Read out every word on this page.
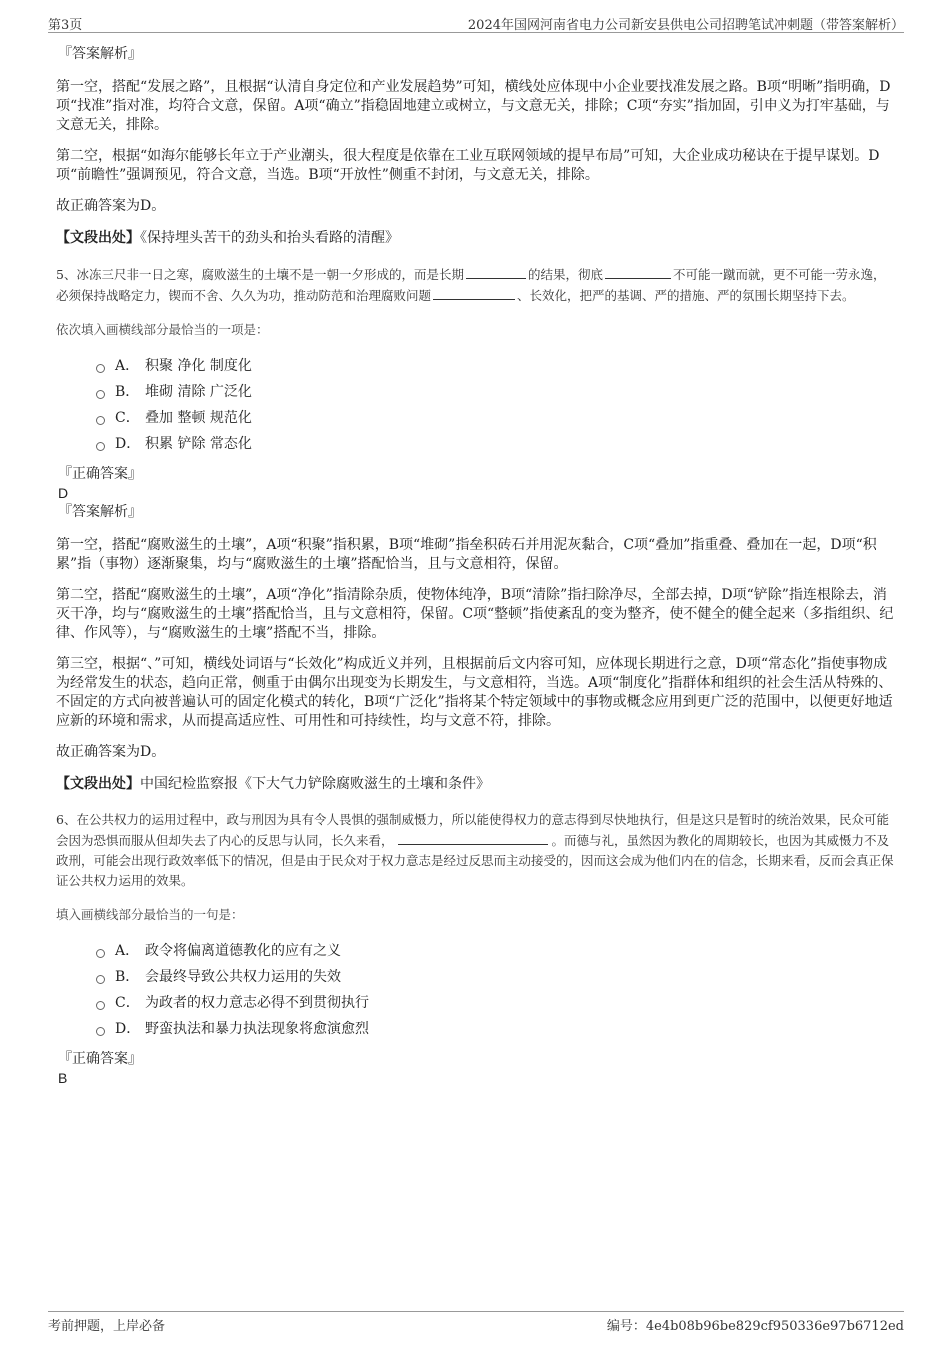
第3页	2024年国网河南省电力公司新安县供电公司招聘笔试冲刺题（带答案解析）
『答案解析』

第一空，搭配“发展之路”，且根据“认清自身定位和产业发展趋势”可知，横线处应体现中小企业要找准发展之路。B项“明晰”指明确，D项“找准”指对准，均符合文意，保留。A项“确立”指稳固地建立或树立，与文意无关，排除；C项“夯实”指加固，引申义为打牢基础，与文意无关，排除。

第二空，根据“如海尔能够长年立于产业潮头，很大程度是依靠在工业互联网领域的提早布局”可知，大企业成功秘诀在于提早谋划。D项“前瞻性”强调预见，符合文意，当选。B项“开放性”侧重不封闭，与文意无关，排除。

故正确答案为D。

【文段出处】《保持埋头苦干的劲头和抬头看路的清醒》
5、冰冻三尺非一日之寒，腐败滋生的土壤不是一朝一夕形成的，而是长期	的结果，彻底	不可能一蹴而就，更不可能一劳永逸，必须保持战略定力，锲而不舍、久久为功，推动防范和治理腐败问题	、长效化，把严的基调、严的措施、严的氛围长期坚持下去。
依次填入画横线部分最恰当的一项是：
A． 积聚 净化 制度化
B． 堆砌 清除 广泛化
C． 叠加 整顿 规范化
D． 积累 铲除 常态化
『正确答案』
D
『答案解析』

第一空，搭配“腐败滋生的土壤”，A项“积聚”指积累，B项“堆砌”指垒积砖石并用泥灰黏合，C项“叠加”指重叠、叠加在一起，D项“积累”指（事物）逐渐聚集，均与“腐败滋生的土壤”搭配恰当，且与文意相符，保留。

第二空，搭配“腐败滋生的土壤”，A项“净化”指清除杂质，使物体纯净，B项“清除”指扫除净尽，全部去掉，D项“铲除”指连根除去，消灭干净，均与“腐败滋生的土壤”搭配恰当，且与文意相符，保留。C项“整顿”指使紊乱的变为整齐，使不健全的健全起来（多指组织、纪律、作风等），与“腐败滋生的土壤”搭配不当，排除。

第三空，根据“、”可知，横线处词语与“长效化”构成近义并列，且根据前后文内容可知，应体现长期进行之意，D项“常态化”指使事物成为经常发生的状态，趋向正常，侧重于由偶尔出现变为长期发生，与文意相符，当选。A项“制度化”指群体和组织的社会生活从特殊的、不固定的方式向被普遍认可的固定化模式的转化，B项“广泛化”指将某个特定领域中的事物或概念应用到更广泛的范围中，以便更好地适应新的环境和需求，从而提高适应性、可用性和可持续性，均与文意不符，排除。

故正确答案为D。

【文段出处】中国纪检监察报《下大气力铲除腐败滋生的土壤和条件》
6、在公共权力的运用过程中，政与刑因为具有令人畏惧的强制威慑力，所以能使得权力的意志得到尽快地执行，但是这只是暂时的统治效果，民众可能会因为恐惧而服从但却失去了内心的反思与认同，长久来看，	。而德与礼，虽然因为教化的周期较长，也因为其威慑力不及政刑，可能会出现行政效率低下的情况，但是由于民众对于权力意志是经过反思而主动接受的，因而这会成为他们内在的信念，长期来看，反而会真正保证公共权力运用的效果。
填入画横线部分最恰当的一句是：
A． 政令将偏离道德教化的应有之义
B． 会最终导致公共权力运用的失效
C． 为政者的权力意志必得不到贯彻执行
D． 野蛮执法和暴力执法现象将愈演愈烈
『正确答案』
B
考前押题，上岸必备	编号：4e4b08b96be829cf950336e97b6712ed
